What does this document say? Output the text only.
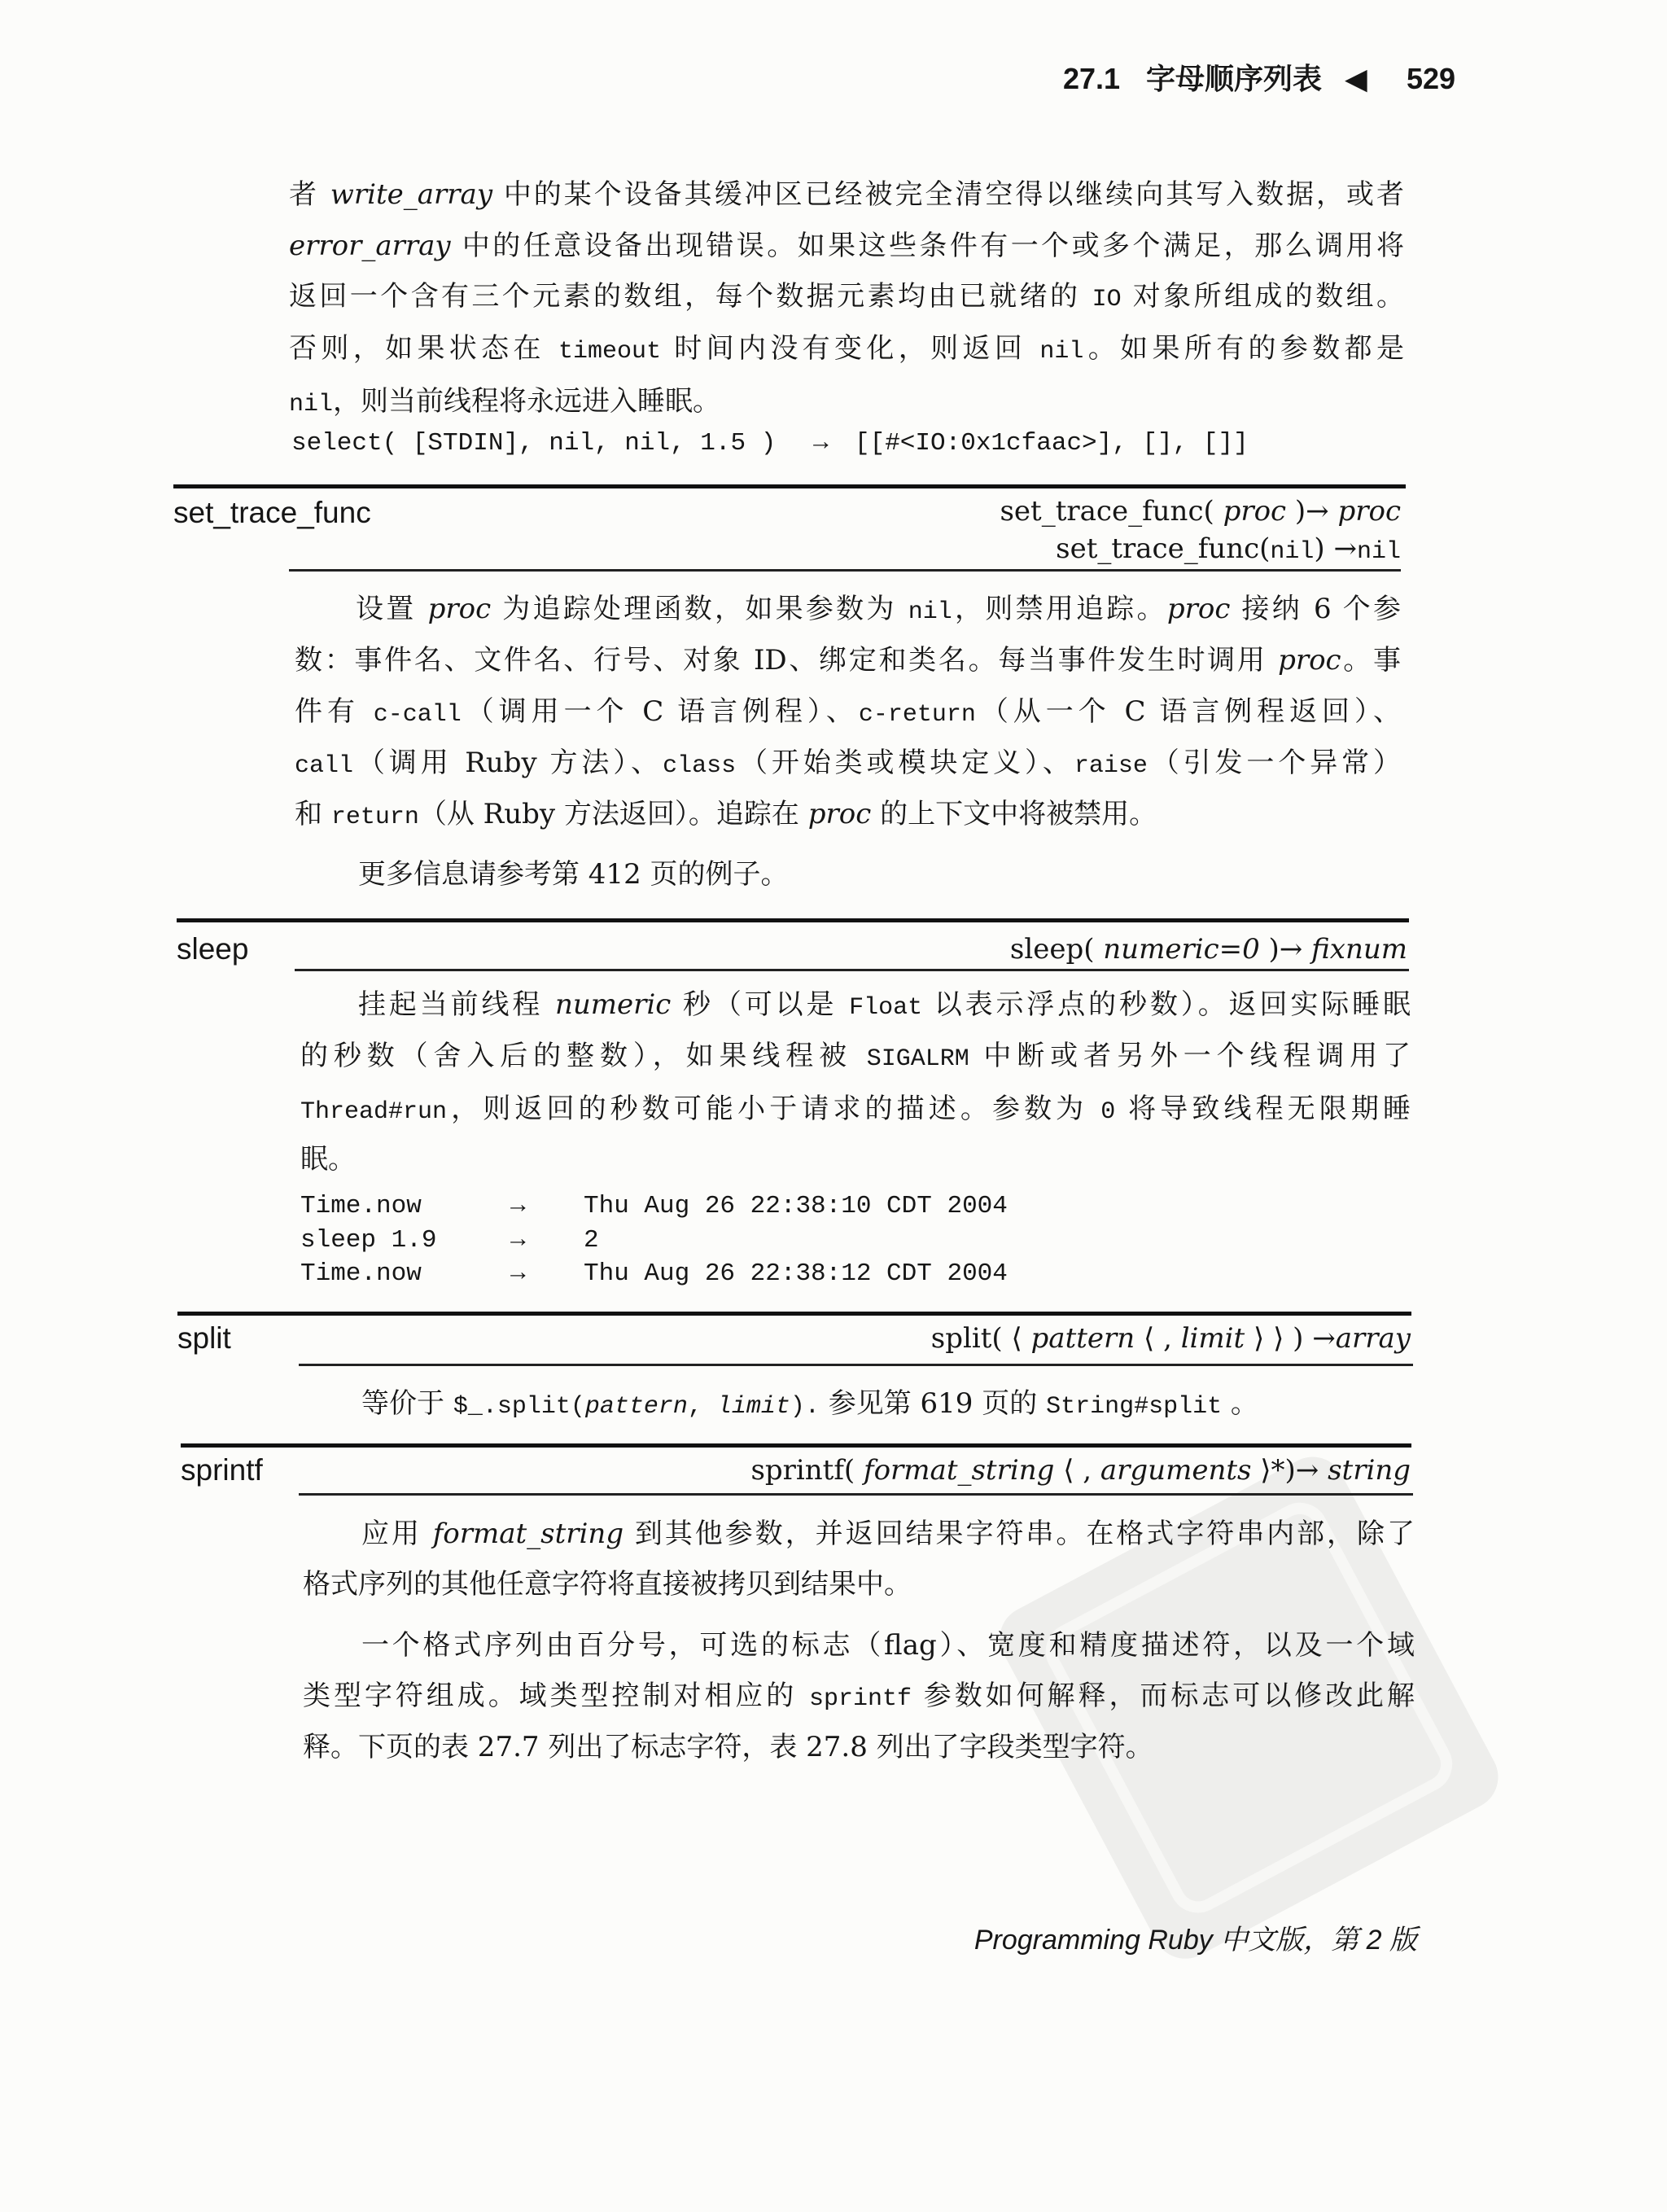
27.1 字母顺序列表 ◀ 529
者 write_array 中的某个设备其缓冲区已经被完全清空得以继续向其写入数据，或者
error_array 中的任意设备出现错误。如果这些条件有一个或多个满足，那么调用将
返回一个含有三个元素的数组，每个数据元素均由已就绪的 IO 对象所组成的数组。
否则，如果状态在 timeout 时间内没有变化，则返回 nil。如果所有的参数都是
nil，则当前线程将永远进入睡眠。
select( [STDIN], nil, nil, 1.5 ) → [[#<IO:0x1cfaac>], [], []]
set_trace_func	set_trace_func( proc )→ proc
set_trace_func(nil) →nil
设置 proc 为追踪处理函数，如果参数为 nil，则禁用追踪。proc 接纳 6 个参
数：事件名、文件名、行号、对象 ID、绑定和类名。每当事件发生时调用 proc。事
件有 c-call（调用一个 C 语言例程）、c-return（从一个 C 语言例程返回）、
call（调用 Ruby 方法）、class（开始类或模块定义）、raise（引发一个异常）
和 return（从 Ruby 方法返回）。追踪在 proc 的上下文中将被禁用。
更多信息请参考第 412 页的例子。
sleep	sleep( numeric=0 )→ fixnum
挂起当前线程 numeric 秒（可以是 Float 以表示浮点的秒数）。返回实际睡眠
的秒数（舍入后的整数），如果线程被 SIGALRM 中断或者另外一个线程调用了
Thread#run，则返回的秒数可能小于请求的描述。参数为 0 将导致线程无限期睡
眠。
Time.now	→ Thu Aug 26 22:38:10 CDT 2004
sleep 1.9	→ 2
Time.now	→ Thu Aug 26 22:38:12 CDT 2004
split	split( ⟨ pattern ⟨ , limit ⟩ ⟩ ) →array
等价于 $_.split(pattern, limit). 参见第 619 页的 String#split 。
sprintf	sprintf( format_string ⟨ , arguments ⟩*)→ string
应用 format_string 到其他参数，并返回结果字符串。在格式字符串内部，除了
格式序列的其他任意字符将直接被拷贝到结果中。
一个格式序列由百分号，可选的标志（flag）、宽度和精度描述符，以及一个域
类型字符组成。域类型控制对相应的 sprintf 参数如何解释，而标志可以修改此解
释。下页的表 27.7 列出了标志字符，表 27.8 列出了字段类型字符。
Programming Ruby 中文版，第 2 版
